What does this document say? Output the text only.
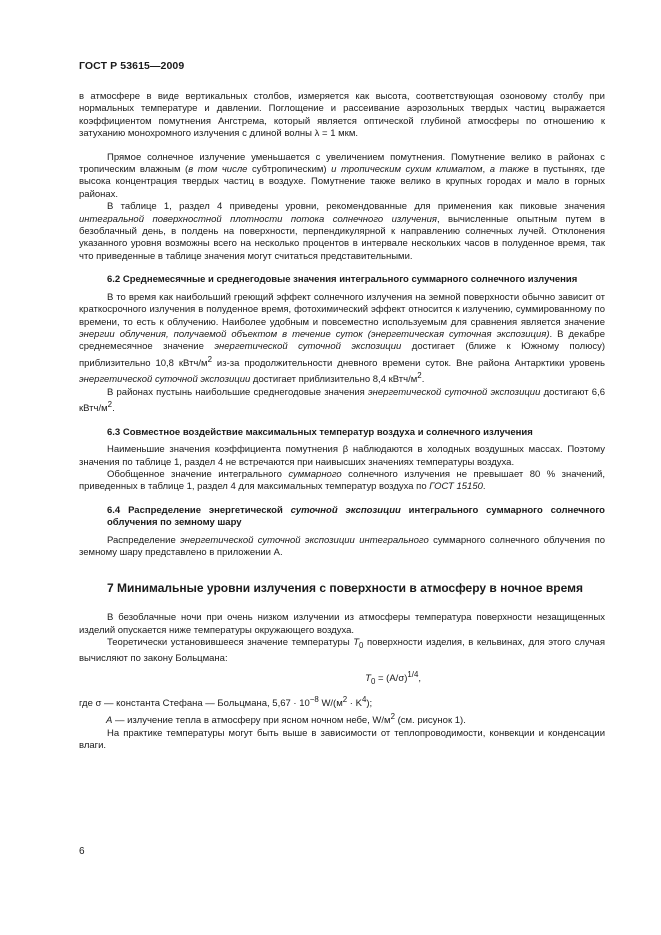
ГОСТ Р 53615—2009

в атмосфере в виде вертикальных столбов, измеряется как высота, соответствующая озоновому столбу при нормальных температуре и давлении. Поглощение и рассеивание аэрозольных твердых частиц выражается коэффициентом помутнения Ангстрема, который является оптической глубиной атмосферы по отношению к затуханию монохромного излучения с длиной волны λ = 1 мкм.

Прямое солнечное излучение уменьшается с увеличением помутнения. Помутнение велико в районах с тропическим влажным (в том числе субтропическим) и тропическим сухим климатом, а также в пустынях, где высока концентрация твердых частиц в воздухе. Помутнение также велико в крупных городах и мало в горных районах.

В таблице 1, раздел 4 приведены уровни, рекомендованные для применения как пиковые значения интегральной поверхностной плотности потока солнечного излучения, вычисленные опытным путем в безоблачный день, в полдень на поверхности, перпендикулярной к направлению солнечных лучей. Отклонения указанного уровня возможны всего на несколько процентов в интервале нескольких часов в полуденное время, так что приведенные в таблице значения могут считаться представительными.

6.2 Среднемесячные и среднегодовые значения интегрального суммарного солнечного излучения

В то время как наибольший греющий эффект солнечного излучения на земной поверхности обычно зависит от краткосрочного излучения в полуденное время, фотохимический эффект относится к излучению, суммированному по времени, то есть к облучению. Наиболее удобным и повсеместно используемым для сравнения является значение энергии облучения, получаемой объектом в течение суток (энергетическая суточная экспозиция). В декабре среднемесячное значение энергетической суточной экспозиции достигает (ближе к Южному полюсу) приблизительно 10,8 кВтч/$м^2$ из-за продолжительности дневного времени суток. Вне района Антарктики уровень энергетической суточной экспозиции достигает приблизительно 8,4 кВтч/$м^2$.

В районах пустынь наибольшие среднегодовые значения энергетической суточной экспозиции достигают 6,6 кВтч/$м^2$.

6.3 Совместное воздействие максимальных температур воздуха и солнечного излучения

Наименьшие значения коэффициента помутнения β наблюдаются в холодных воздушных массах. Поэтому значения по таблице 1, раздел 4 не встречаются при наивысших значениях температуры воздуха.

Обобщенное значение интегрального суммарного солнечного излучения не превышает 80 % значений, приведенных в таблице 1, раздел 4 для максимальных температур воздуха по ГОСТ 15150.

6.4 Распределение энергетической суточной экспозиции интегрального суммарного солнечного облучения по земному шару

Распределение энергетической суточной экспозиции интегрального суммарного солнечного облучения по земному шару представлено в приложении А.

7 Минимальные уровни излучения с поверхности в атмосферу в ночное время

В безоблачные ночи при очень низком излучении из атмосферы температура поверхности незащищенных изделий опускается ниже температуры окружающего воздуха.

Теоретически установившееся значение температуры $T_0$ поверхности изделия, в кельвинах, для этого случая вычисляют по закону Больцмана:

$T_0 = (A/\sigma)^{1/4}$,

где σ — константа Стефана — Больцмана, $5,67 \cdot 10^{-8}$ $W/(м^2 \cdot K^4)$;

A — излучение тепла в атмосферу при ясном ночном небе, $W/м^2$ (см. рисунок 1).

На практике температуры могут быть выше в зависимости от теплопроводимости, конвекции и конденсации влаги.

6
